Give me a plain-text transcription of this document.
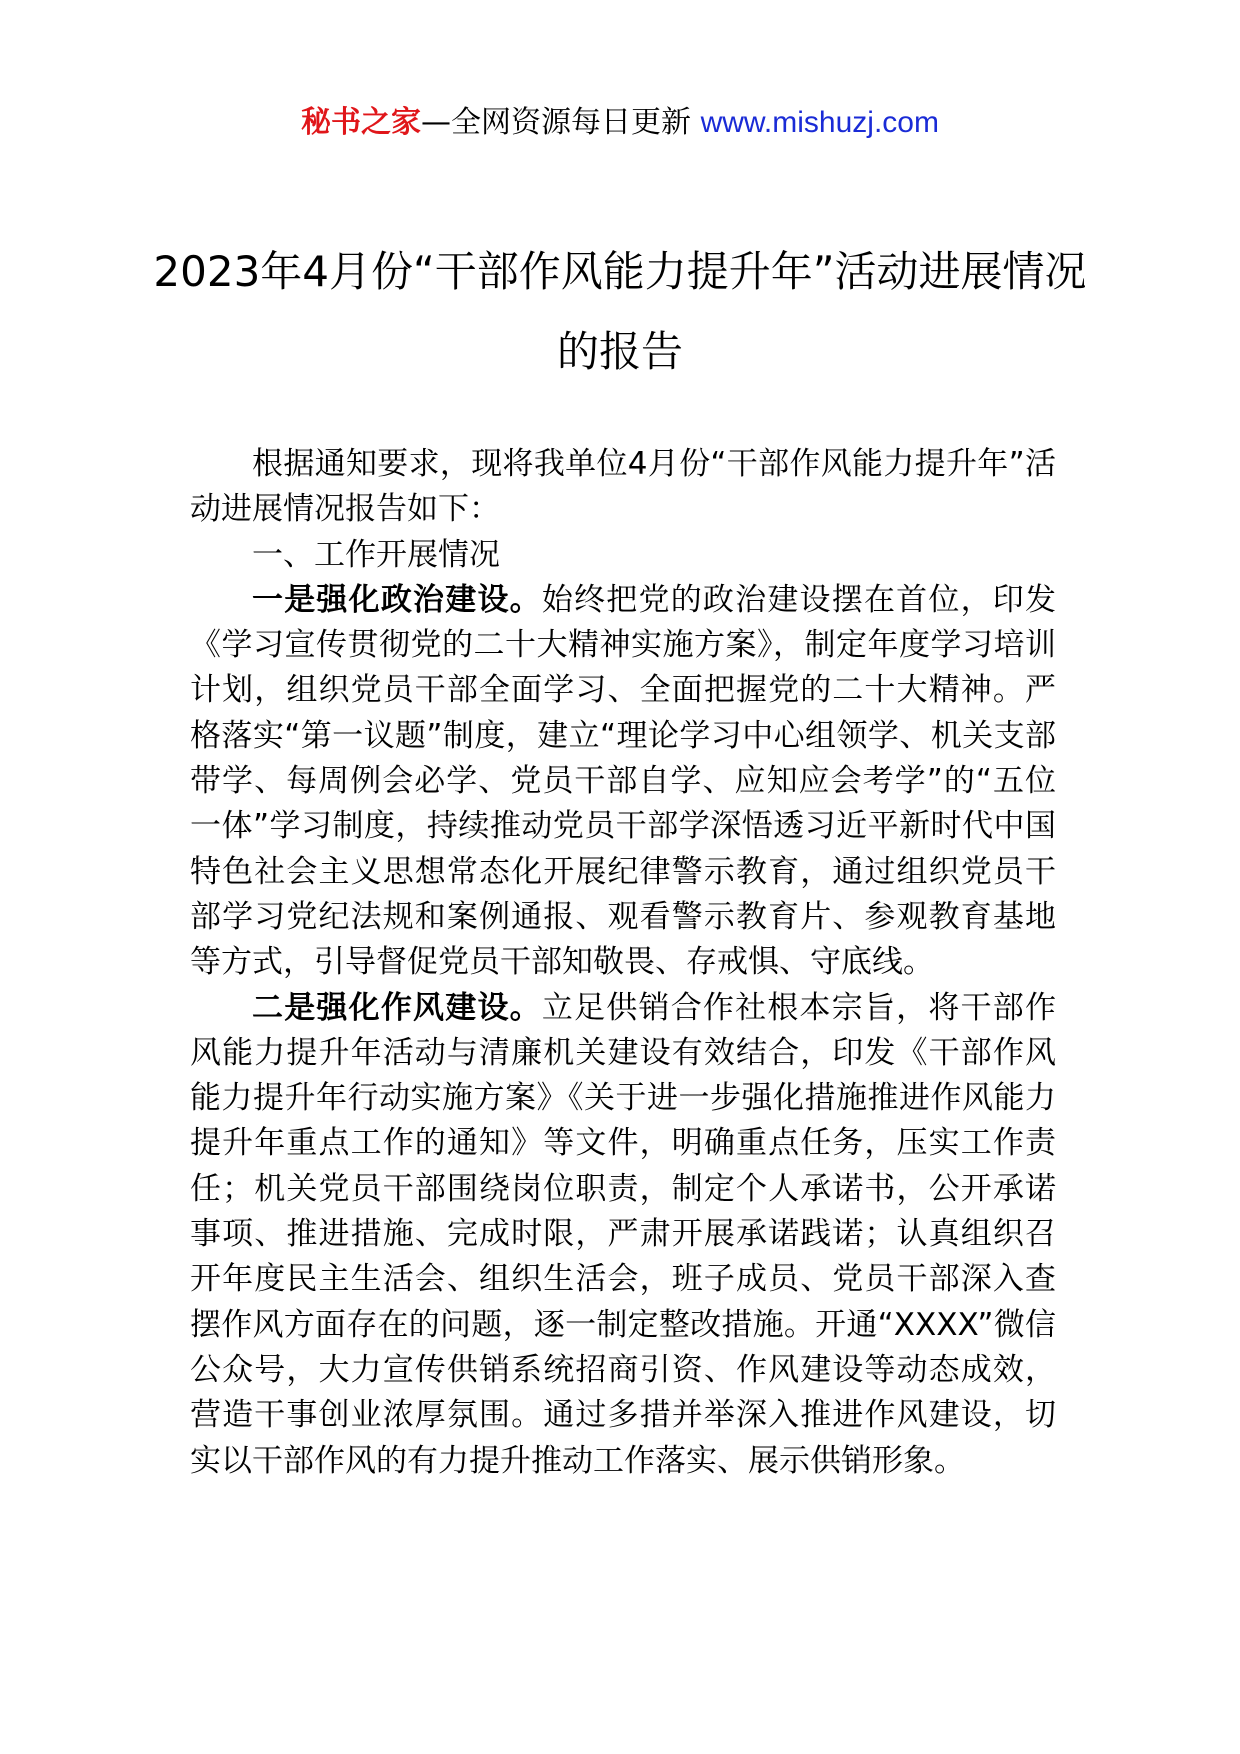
秘书之家—全网资源每日更新 www.mishuzj.com
2023年4月份“干部作风能力提升年”活动进展情况的报告

根据通知要求，现将我单位4月份“干部作风能力提升年”活动进展情况报告如下：

一、工作开展情况

一是强化政治建设。始终把党的政治建设摆在首位，印发《学习宣传贯彻党的二十大精神实施方案》，制定年度学习培训计划，组织党员干部全面学习、全面把握党的二十大精神。严格落实“第一议题”制度，建立“理论学习中心组领学、机关支部带学、每周例会必学、党员干部自学、应知应会考学”的“五位一体”学习制度，持续推动党员干部学深悟透习近平新时代中国特色社会主义思想常态化开展纪律警示教育，通过组织党员干部学习党纪法规和案例通报、观看警示教育片、参观教育基地等方式，引导督促党员干部知敬畏、存戒惧、守底线。

二是强化作风建设。立足供销合作社根本宗旨，将干部作风能力提升年活动与清廉机关建设有效结合，印发《干部作风能力提升年行动实施方案》《关于进一步强化措施推进作风能力提升年重点工作的通知》等文件，明确重点任务，压实工作责任；机关党员干部围绕岗位职责，制定个人承诺书，公开承诺事项、推进措施、完成时限，严肃开展承诺践诺；认真组织召开年度民主生活会、组织生活会，班子成员、党员干部深入查摆作风方面存在的问题，逐一制定整改措施。开通“XXXX”微信公众号，大力宣传供销系统招商引资、作风建设等动态成效，营造干事创业浓厚氛围。通过多措并举深入推进作风建设，切实以干部作风的有力提升推动工作落实、展示供销形象。
